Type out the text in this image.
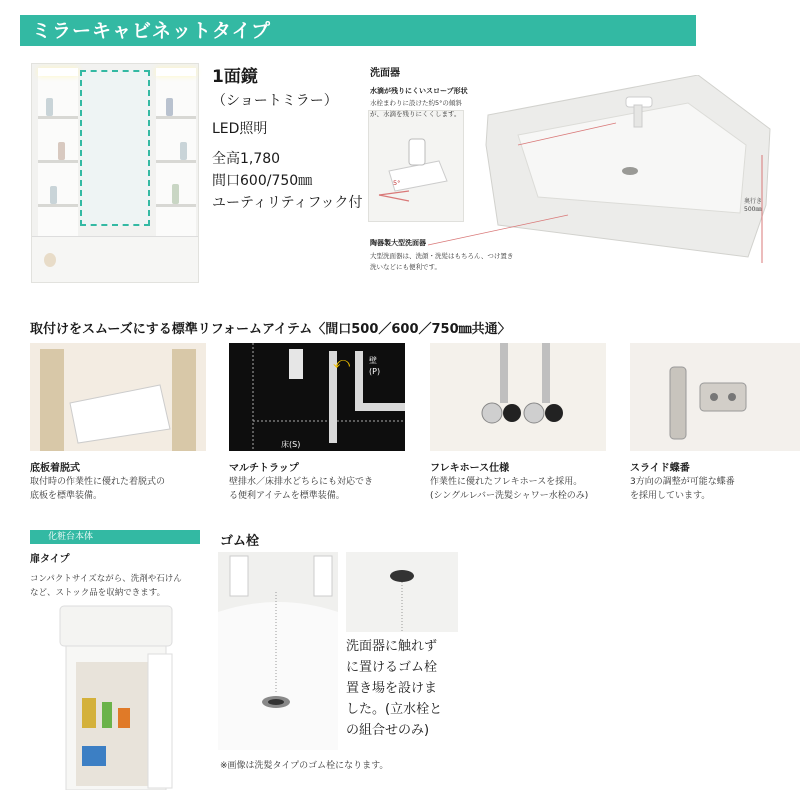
ミラーキャビネットタイプ
1面鏡
（ショートミラー）
LED照明
全高1,780
間口600/750㎜
ユーティリティフック付
洗面器
水滴が残りにくいスロープ形状
水栓まわりに設けた約5°の傾斜
が、水滴を残りにくくします。
5°
陶器製大型洗面器
大型洗面器は、洗顔・洗髪はもちろん、つけ置き
洗いなどにも便利です。
奥行き
500㎜
取付けをスムーズにする標準リフォームアイテム〈間口500／600／750㎜共通〉
⤺ 壁
(P)
床(S)
底板着脱式
取付時の作業性に優れた着脱式の
底板を標準装備。
マルチトラップ
壁排水／床排水どちらにも対応でき
る便利アイテムを標準装備。
フレキホース仕様
作業性に優れたフレキホースを採用。
(シングルレバー洗髪シャワー水栓のみ)
スライド蝶番
3方向の調整が可能な蝶番
を採用しています。
化粧台本体
扉タイプ
コンパクトサイズながら、洗剤や石けん
など、ストック品を収納できます。
ゴム栓
洗面器に触れず
に置けるゴム栓
置き場を設けま
した。(立水栓と
の組合せのみ)
※画像は洗髪タイプのゴム栓になります。
